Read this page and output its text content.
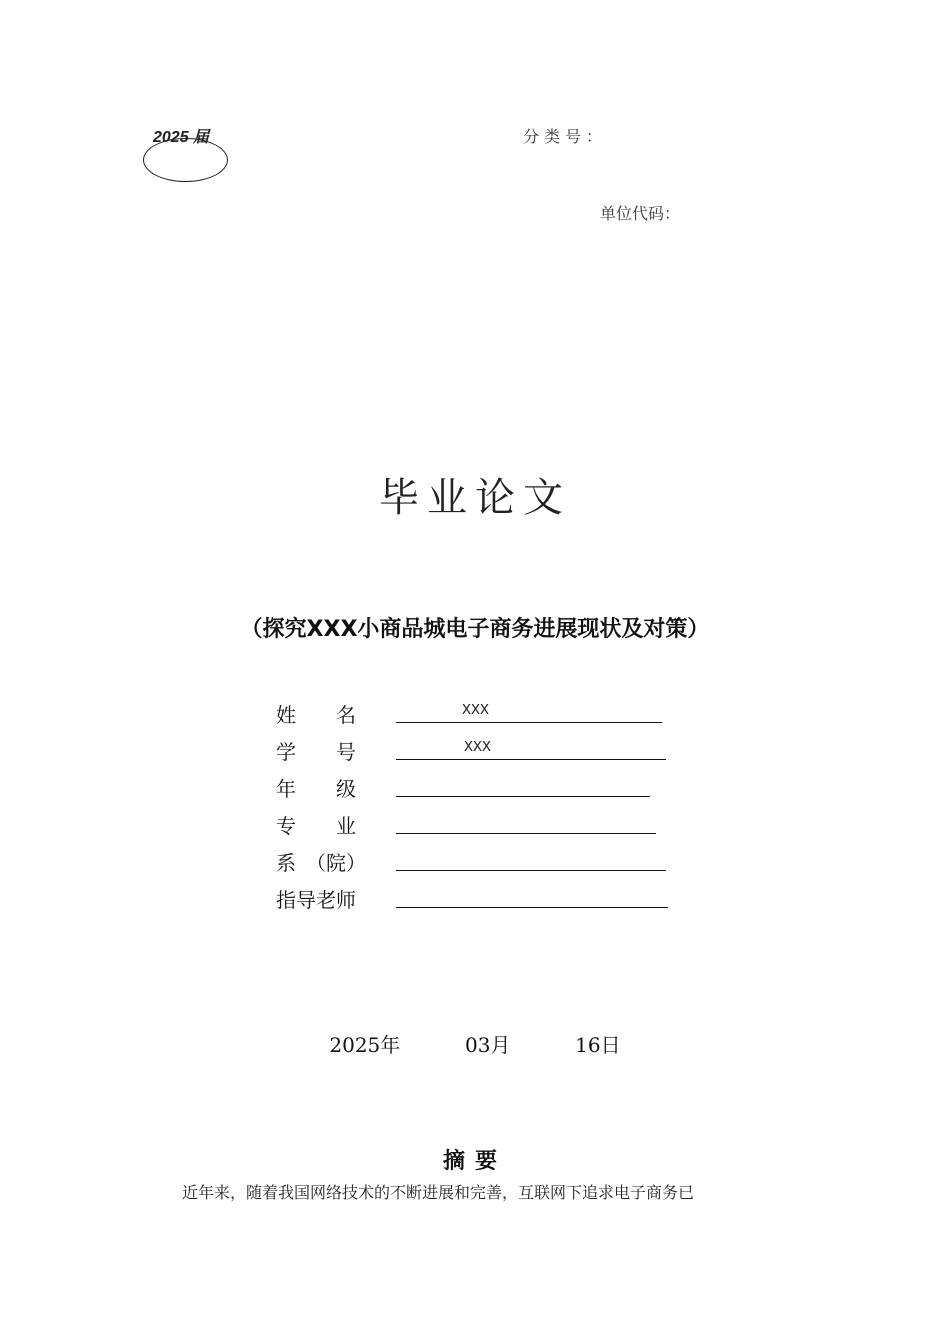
2025 届	分类号：
单位代码：
毕业论文
（探究XXX小商品城电子商务进展现状及对策）
姓　　名	XXX
学　　号	XXX
年　　级
专　　业
系　（院）
指导老师
2025年	03月	16日
摘要
近年来，随着我国网络技术的不断进展和完善，互联网下追求电子商务已
